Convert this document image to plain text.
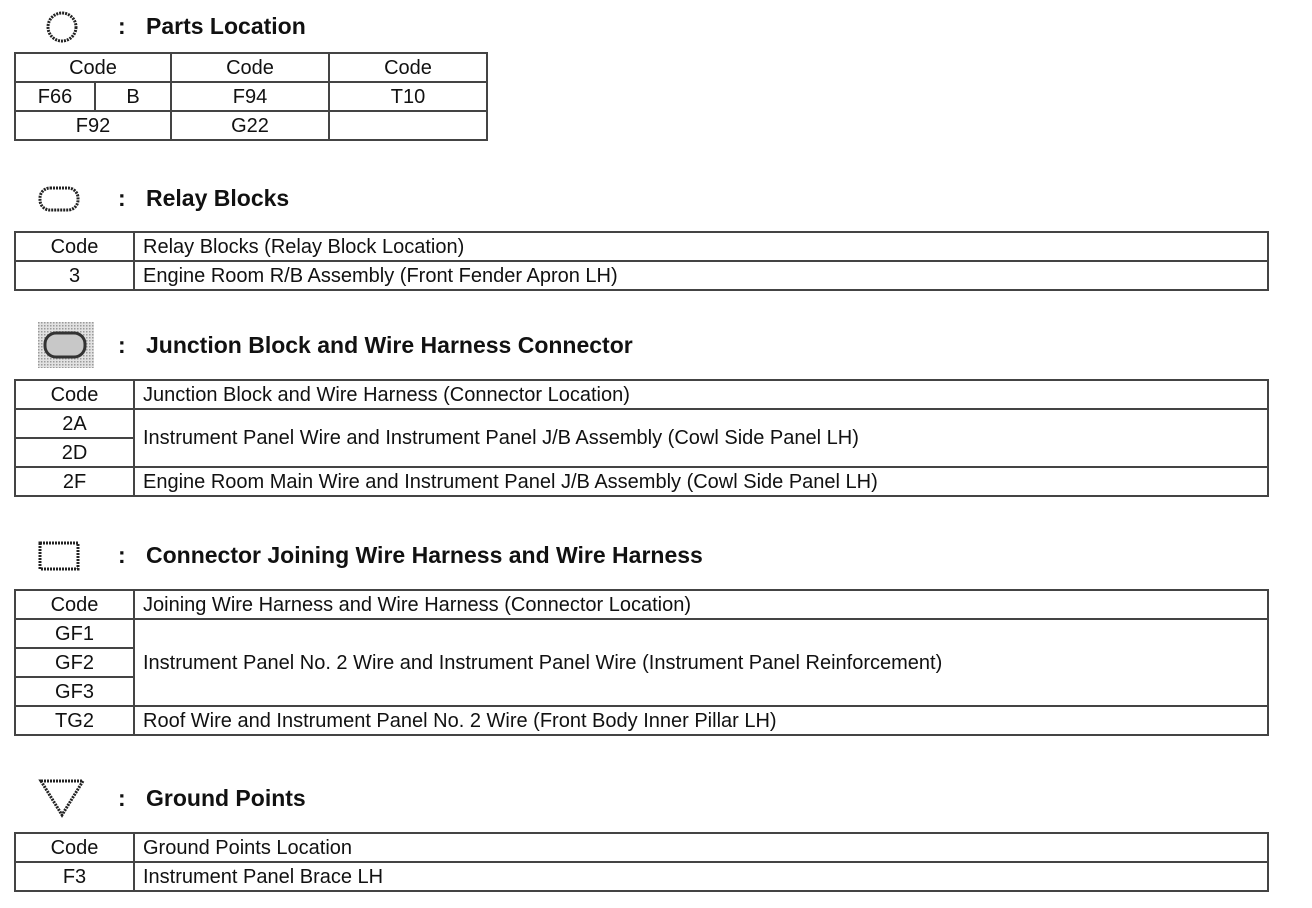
: Parts Location
Code		Code	Code
F66	B	F94	T10
F92		G22	
: Relay Blocks
Code	Relay Blocks (Relay Block Location)
3	Engine Room R/B Assembly (Front Fender Apron LH)
: Junction Block and Wire Harness Connector
Code	Junction Block and Wire Harness (Connector Location)
2A	Instrument Panel Wire and Instrument Panel J/B Assembly (Cowl Side Panel LH)
2D	
2F	Engine Room Main Wire and Instrument Panel J/B Assembly (Cowl Side Panel LH)
: Connector Joining Wire Harness and Wire Harness
Code	Joining Wire Harness and Wire Harness (Connector Location)
GF1	Instrument Panel No. 2 Wire and Instrument Panel Wire (Instrument Panel Reinforcement)
GF2	
GF3	
TG2	Roof Wire and Instrument Panel No. 2 Wire (Front Body Inner Pillar LH)
: Ground Points
Code	Ground Points Location
F3	Instrument Panel Brace LH
